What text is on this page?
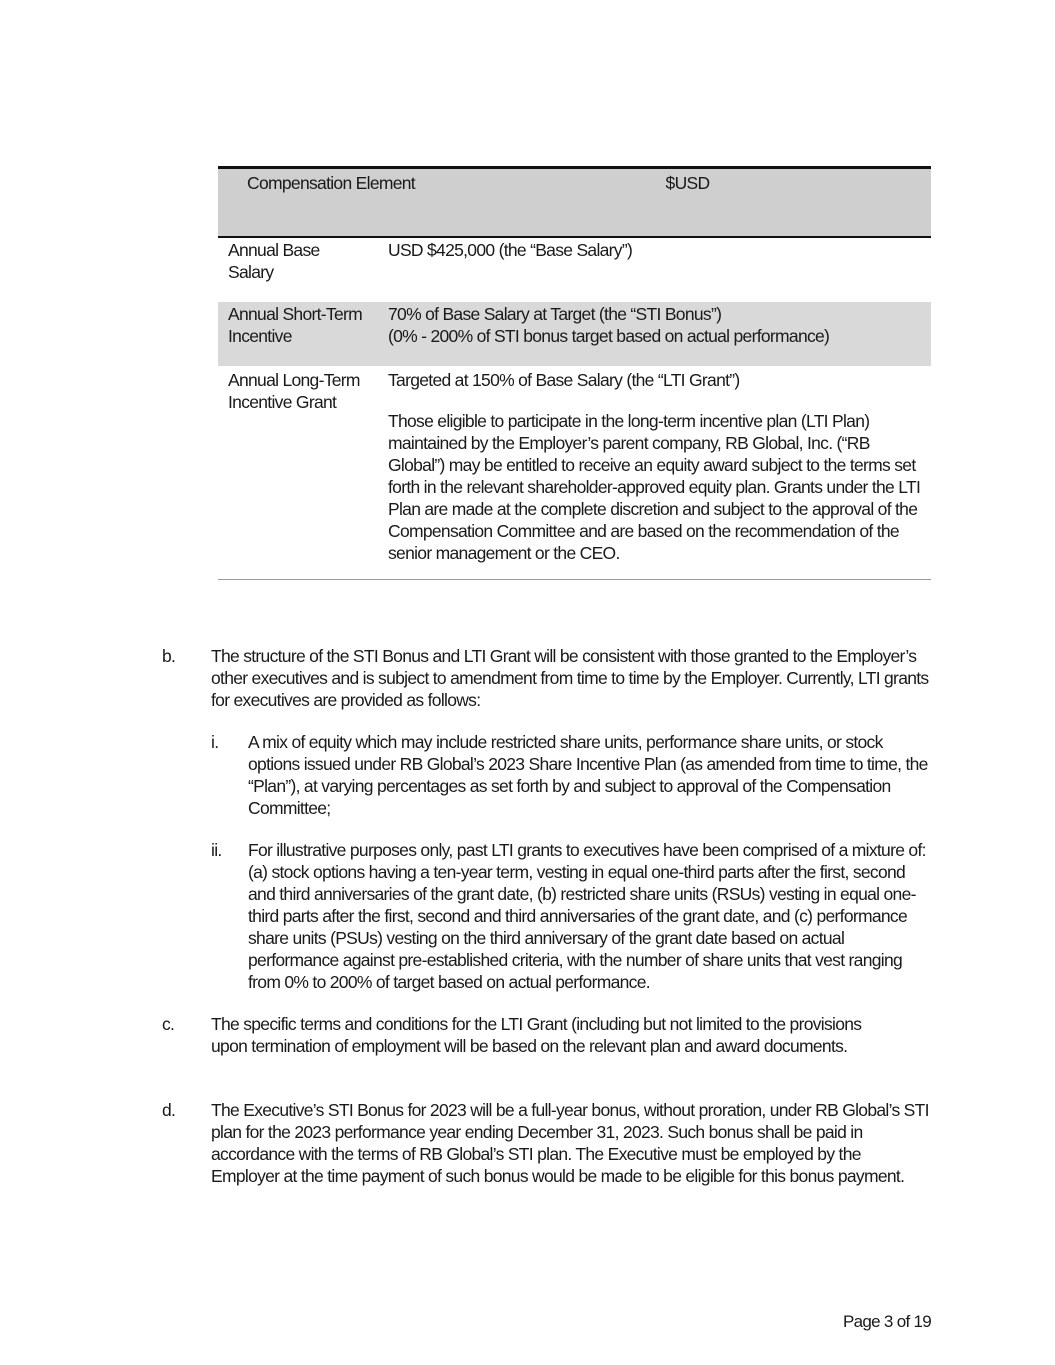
Compensation Element	$USD
Annual Base Salary
USD $425,000 (the “Base Salary”)
Annual Short-Term Incentive
70% of Base Salary at Target (the “STI Bonus”)
(0% - 200% of STI bonus target based on actual performance)
Annual Long-Term Incentive Grant
Targeted at 150% of Base Salary (the “LTI Grant”)
Those eligible to participate in the long-term incentive plan (LTI Plan) maintained by the Employer’s parent company, RB Global, Inc. (“RB Global”) may be entitled to receive an equity award subject to the terms set forth in the relevant shareholder-approved equity plan. Grants under the LTI Plan are made at the complete discretion and subject to the approval of the Compensation Committee and are based on the recommendation of the senior management or the CEO.
b. The structure of the STI Bonus and LTI Grant will be consistent with those granted to the Employer’s other executives and is subject to amendment from time to time by the Employer. Currently, LTI grants for executives are provided as follows:
i. A mix of equity which may include restricted share units, performance share units, or stock options issued under RB Global’s 2023 Share Incentive Plan (as amended from time to time, the “Plan”), at varying percentages as set forth by and subject to approval of the Compensation Committee;
ii. For illustrative purposes only, past LTI grants to executives have been comprised of a mixture of: (a) stock options having a ten-year term, vesting in equal one-third parts after the first, second and third anniversaries of the grant date, (b) restricted share units (RSUs) vesting in equal one-third parts after the first, second and third anniversaries of the grant date, and (c) performance share units (PSUs) vesting on the third anniversary of the grant date based on actual performance against pre-established criteria, with the number of share units that vest ranging from 0% to 200% of target based on actual performance.
c. The specific terms and conditions for the LTI Grant (including but not limited to the provisions upon termination of employment will be based on the relevant plan and award documents.
d. The Executive’s STI Bonus for 2023 will be a full-year bonus, without proration, under RB Global’s STI plan for the 2023 performance year ending December 31, 2023. Such bonus shall be paid in accordance with the terms of RB Global’s STI plan. The Executive must be employed by the Employer at the time payment of such bonus would be made to be eligible for this bonus payment.
Page 3 of 19
